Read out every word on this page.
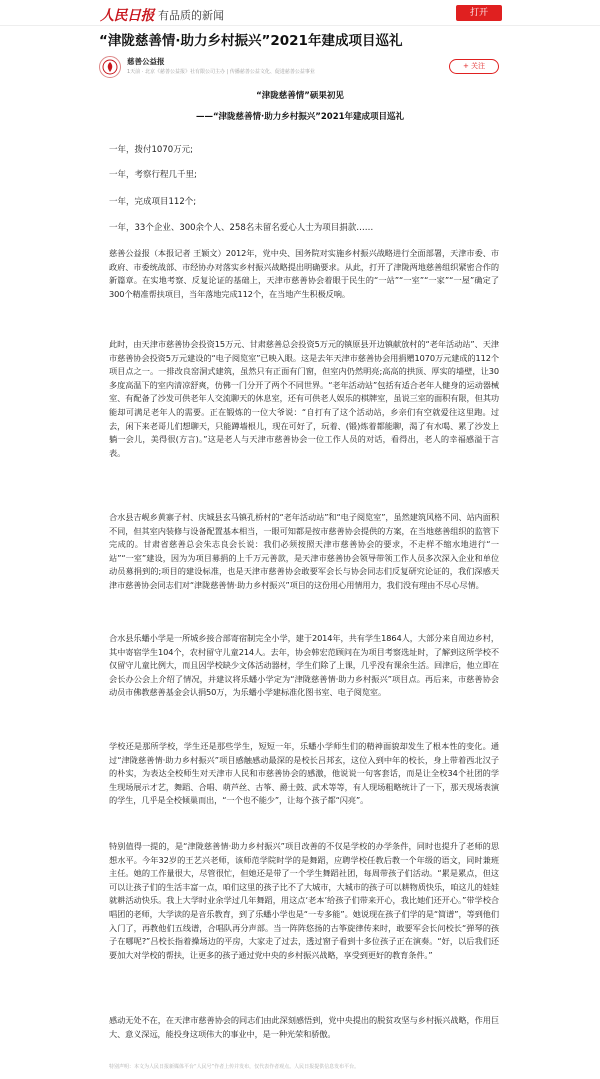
人民日报 有品质的新闻	打开
“津陇慈善情·助力乡村振兴”2021年建成项目巡礼
慈善公益报
1天前 · 北京《慈善公益报》社有限公司主办 | 传播慈善公益文化、促进慈善公益事业
+ 关注
“津陇慈善情”硕果初见
——“津陇慈善情·助力乡村振兴”2021年建成项目巡礼
一年，拨付1070万元;
一年，考察行程几千里;
一年，完成项目112个;
一年，33个企业、300余个人、258名未留名爱心人士为项目捐款……
慈善公益报（本报记者 王颖文）2012年，党中央、国务院对实施乡村振兴战略进行全面部署，天津市委、市政府、市委统战部、市经协办对落实乡村振兴战略提出明确要求。从此，打开了津陇两地慈善组织紧密合作的新篇章。在实地考察、反复论证的基础上，天津市慈善协会着眼于民生的“一站”“一室”“一家”“一屋”确定了300个精准帮扶项目，当年落地完成112个，在当地产生积极反响。
此时，由天津市慈善协会投资15万元、甘肃慈善总会投资5万元的镇原县开边镇献放村的“老年活动站”、天津市慈善协会投资5万元建设的“电子阅览室”已映入眼。这是去年天津市慈善协会用捐赠1070万元建成的112个项目点之一。一排改良窑洞式建筑，虽然只有正面有门窗，但室内仍然明亮;高高的拱顶、厚实的墙壁，让30多度高温下的室内清凉舒爽，仿佛一门分开了两个不同世界。“老年活动站”包括有适合老年人健身的运动器械室、有配备了沙发可供老年人交流聊天的休息室，还有可供老人娱乐的棋牌室，虽说三室的面积有限，但其功能却可满足老年人的需要。正在锻炼的一位大爷说：“自打有了这个活动站，乡亲们有空就爱往这里跑。过去，闲下来老哥儿们想聊天，只能蹲墙根儿，现在可好了，玩着、(锻)炼着都能聊，渴了有水喝、累了沙发上躺一会儿，美得很(方言)。”这是老人与天津市慈善协会一位工作人员的对话，看得出，老人的幸福感溢于言表。
合水县吉岘乡黄寨子村、庆城县玄马镇孔桥村的“老年活动站”和“电子阅览室”，虽然建筑风格不同、站内面积不同，但其室内装修与设备配置基本相当，一眼可知都是按市慈善协会提供的方案，在当地慈善组织的监管下完成的。甘肃省慈善总会朱志良会长说：我们必须按照天津市慈善协会的要求，不走样不缩水地进行“一站”“一室”建设，因为为项目募捐的上千万元善款，是天津市慈善协会领导带领工作人员多次深入企业和单位动员募捐到的;项目的建设标准，也是天津市慈善协会敢要军会长与协会同志们反复研究论证的，我们深感天津市慈善协会同志们对“津陇慈善情·助力乡村振兴”项目的这份用心用情用力，我们没有理由不尽心尽情。
合水县乐蟠小学是一所城乡接合部寄宿制完全小学，建于2014年，共有学生1864人，大部分来自周边乡村，其中寄宿学生104个，农村留守儿童214人。去年，协会韩宏范顾问在为项目考察选址时，了解到这所学校不仅留守儿童比例大，而且因学校缺少文体活动器材，学生们除了上课，几乎没有课余生活。回津后，他立即在会长办公会上介绍了情况，并建议将乐蟠小学定为“津陇慈善情·助力乡村振兴”项目点。再后来，市慈善协会动员市佛教慈善基金会认捐50万，为乐蟠小学建标准化图书室、电子阅览室。
学校还是那所学校，学生还是那些学生，短短一年，乐蟠小学师生们的精神面貌却发生了根本性的变化。通过“津陇慈善情·助力乡村振兴”项目感触感动最深的是校长吕邦玄，这位入到中年的校长，身上带着西北汉子的朴实，为表达全校师生对天津市人民和市慈善协会的感激，他说说一句客套话，而是让全校34个社团的学生现场展示才艺，舞蹈、合唱、萌芦丝、古筝、爵士鼓、武术等等，有人现场粗略统计了一下，那天现场表演的学生，几乎是全校倾巢而出，“一个也不能少”，让每个孩子都“闪亮”。
特别值得一提的，是“津陇慈善情·助力乡村振兴”项目改善的不仅是学校的办学条件，同时也提升了老师的思想水平。今年32岁的王艺兴老师，该师范学院时学的是舞蹈，应聘学校任教后教一个年级的语文，同时兼班主任。她的工作量很大，尽管很忙，但她还是带了一个学生舞蹈社团，每周带孩子们活动。“累是累点，但这可以让孩子们的生活丰富一点，咱们这里的孩子比不了大城市，大城市的孩子可以耕物质快乐，咱这儿的娃娃就耕活动快乐。我上大学时业余学过几年舞蹈，用这点‘老本’给孩子们带来开心，我比她们还开心。”带学校合唱团的老师，大学读的是音乐教育，到了乐蟠小学也是“一专多能”。她说现在孩子们学的是“简谱”，等到他们入门了，再教他们五线谱，合唱队再分声部。当一阵阵悠扬的古筝旋律传来时，敢要军会长问校长“弹琴的孩子在哪呢?”吕校长指着操场边的平房，大家走了过去，透过窗子看到十多位孩子正在演奏。“好，以后我们还要加大对学校的帮扶，让更多的孩子通过党中央的乡村振兴战略，享受到更好的教育条件。”
感动无处不在，在天津市慈善协会的同志们由此深刻感悟到，党中央提出的脱贫攻坚与乡村振兴战略，作用巨大、意义深远，能投身这项伟大的事业中，是一种光荣和骄傲。
特别声明：本文为人民日报新媒体平台“人民号”作者上传并发布，仅代表作者观点。人民日报提供信息发布平台。
